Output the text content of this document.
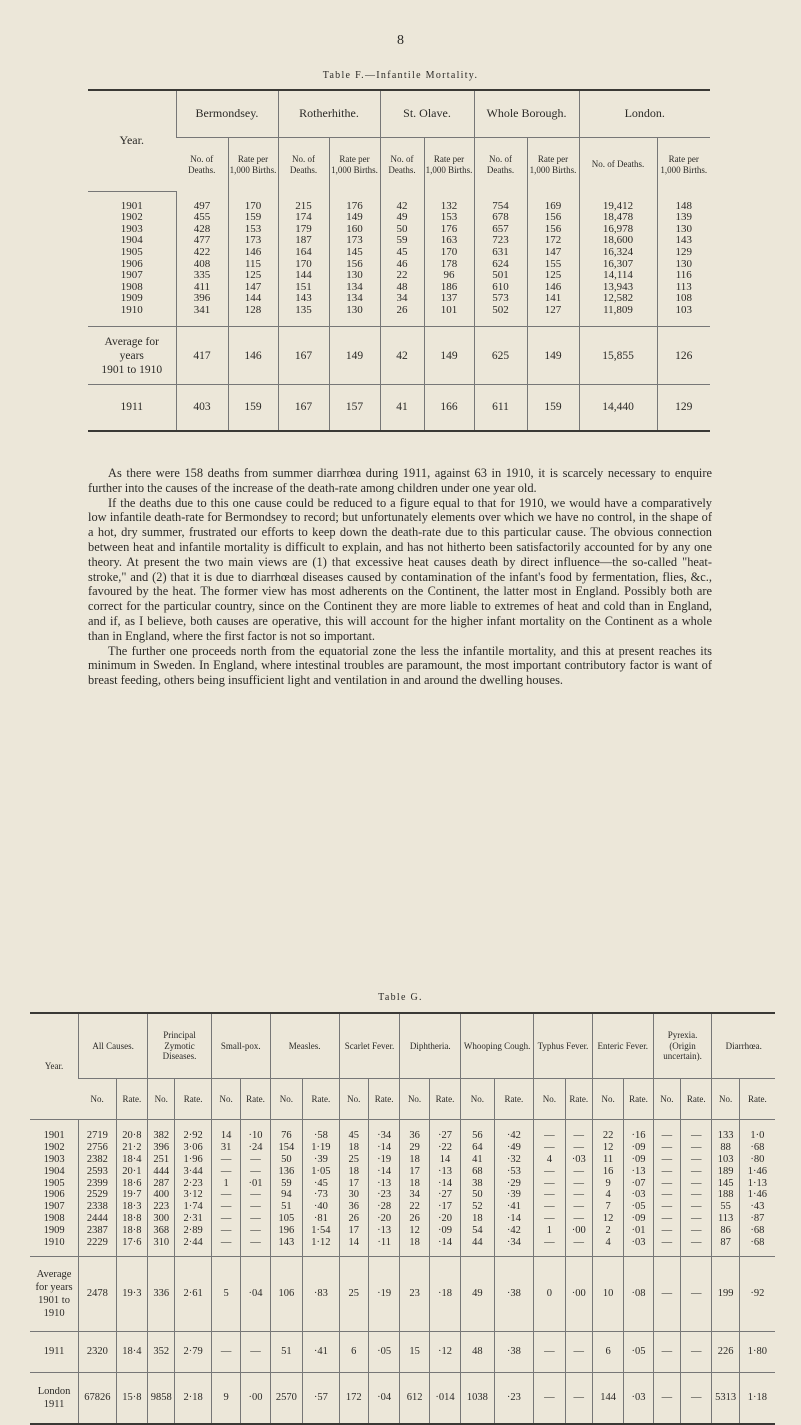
8
Table F.—Infantile Mortality.
Year.	Bermondsey.		Rotherhithe.		St. Olave.		Whole Borough.		London.	
	No. of Deaths.	Rate per 1,000 Births.	No. of Deaths.	Rate per 1,000 Births.	No. of Deaths.	Rate per 1,000 Births.	No. of Deaths.	Rate per 1,000 Births.	No. of Deaths.	Rate per 1,000 Births.

1901	497	170	215	176	42	132	754	169	19,412	148
1902	455	159	174	149	49	153	678	156	18,478	139
1903	428	153	179	160	50	176	657	156	16,978	130
1904	477	173	187	173	59	163	723	172	18,600	143
1905	422	146	164	145	45	170	631	147	16,324	129
1906	408	115	170	156	46	178	624	155	16,307	130
1907	335	125	144	130	22	96	501	125	14,114	116
1908	411	147	151	134	48	186	610	146	13,943	113
1909	396	144	143	134	34	137	573	141	12,582	108
1910	341	128	135	130	26	101	502	127	11,809	103

Average for
years
1901 to 1910	417	146	167	149	42	149	625	149	15,855	126
1911	403	159	167	157	41	166	611	159	14,440	129

As there were 158 deaths from summer diarrhœa during 1911, against 63 in 1910, it is scarcely necessary to enquire further into the causes of the increase of the death-rate among children under one year old.

If the deaths due to this one cause could be reduced to a figure equal to that for 1910, we would have a comparatively low infantile death-rate for Bermondsey to record; but unfortunately elements over which we have no control, in the shape of a hot, dry summer, frustrated our efforts to keep down the death-rate due to this particular cause. The obvious connection between heat and infantile mortality is difficult to explain, and has not hitherto been satisfactorily accounted for by any one theory. At present the two main views are (1) that excessive heat causes death by direct influence—the so-called "heat-stroke," and (2) that it is due to diarrhœal diseases caused by contamination of the infant's food by fermentation, flies, &c., favoured by the heat. The former view has most adherents on the Continent, the latter most in England. Possibly both are correct for the particular country, since on the Continent they are more liable to extremes of heat and cold than in England, and if, as I believe, both causes are operative, this will account for the higher infant mortality on the Continent as a whole than in England, where the first factor is not so important.

The further one proceeds north from the equatorial zone the less the infantile mortality, and this at present reaches its minimum in Sweden. In England, where intestinal troubles are paramount, the most important contributory factor is want of breast feeding, others being insufficient light and ventilation in and around the dwelling houses.

Table G.
Year.	All Causes.		Principal Zymotic Diseases.		Small-pox.		Measles.		Scarlet Fever.		Diphtheria.		Whooping Cough.		Typhus Fever.		Enteric Fever.		Pyrexia. (Origin uncertain).		Diarrhœa.	
	No.	Rate.	No.	Rate.	No.	Rate.	No.	Rate.	No.	Rate.	No.	Rate.	No.	Rate.	No.	Rate.	No.	Rate.	No.	Rate.	No.	Rate.

1901	2719	20·8	382	2·92	14	·10	76	·58	45	·34	36	·27	56	·42	—	—	22	·16	—	—	133	1·0
1902	2756	21·2	396	3·06	31	·24	154	1·19	18	·14	29	·22	64	·49	—	—	12	·09	—	—	88	·68
1903	2382	18·4	251	1·96	—	—	50	·39	25	·19	18	14	41	·32	4	·03	11	·09	—	—	103	·80
1904	2593	20·1	444	3·44	—	—	136	1·05	18	·14	17	·13	68	·53	—	—	16	·13	—	—	189	1·46
1905	2399	18·6	287	2·23	1	·01	59	·45	17	·13	18	·14	38	·29	—	—	9	·07	—	—	145	1·13
1906	2529	19·7	400	3·12	—	—	94	·73	30	·23	34	·27	50	·39	—	—	4	·03	—	—	188	1·46
1907	2338	18·3	223	1·74	—	—	51	·40	36	·28	22	·17	52	·41	—	—	7	·05	—	—	55	·43
1908	2444	18·8	300	2·31	—	—	105	·81	26	·20	26	·20	18	·14	—	—	12	·09	—	—	113	·87
1909	2387	18·8	368	2·89	—	—	196	1·54	17	·13	12	·09	54	·42	1	·00	2	·01	—	—	86	·68
1910	2229	17·6	310	2·44	—	—	143	1·12	14	·11	18	·14	44	·34	—	—	4	·03	—	—	87	·68

Average
for years
1901 to
1910	2478	19·3	336	2·61	5	·04	106	·83	25	·19	23	·18	49	·38	0	·00	10	·08	—	—	199	·92
1911	2320	18·4	352	2·79	—	—	51	·41	6	·05	15	·12	48	·38	—	—	6	·05	—	—	226	1·80
London
1911	67826	15·8	9858	2·18	9	·00	2570	·57	172	·04	612	·014	1038	·23	—	—	144	·03	—	—	5313	1·18
